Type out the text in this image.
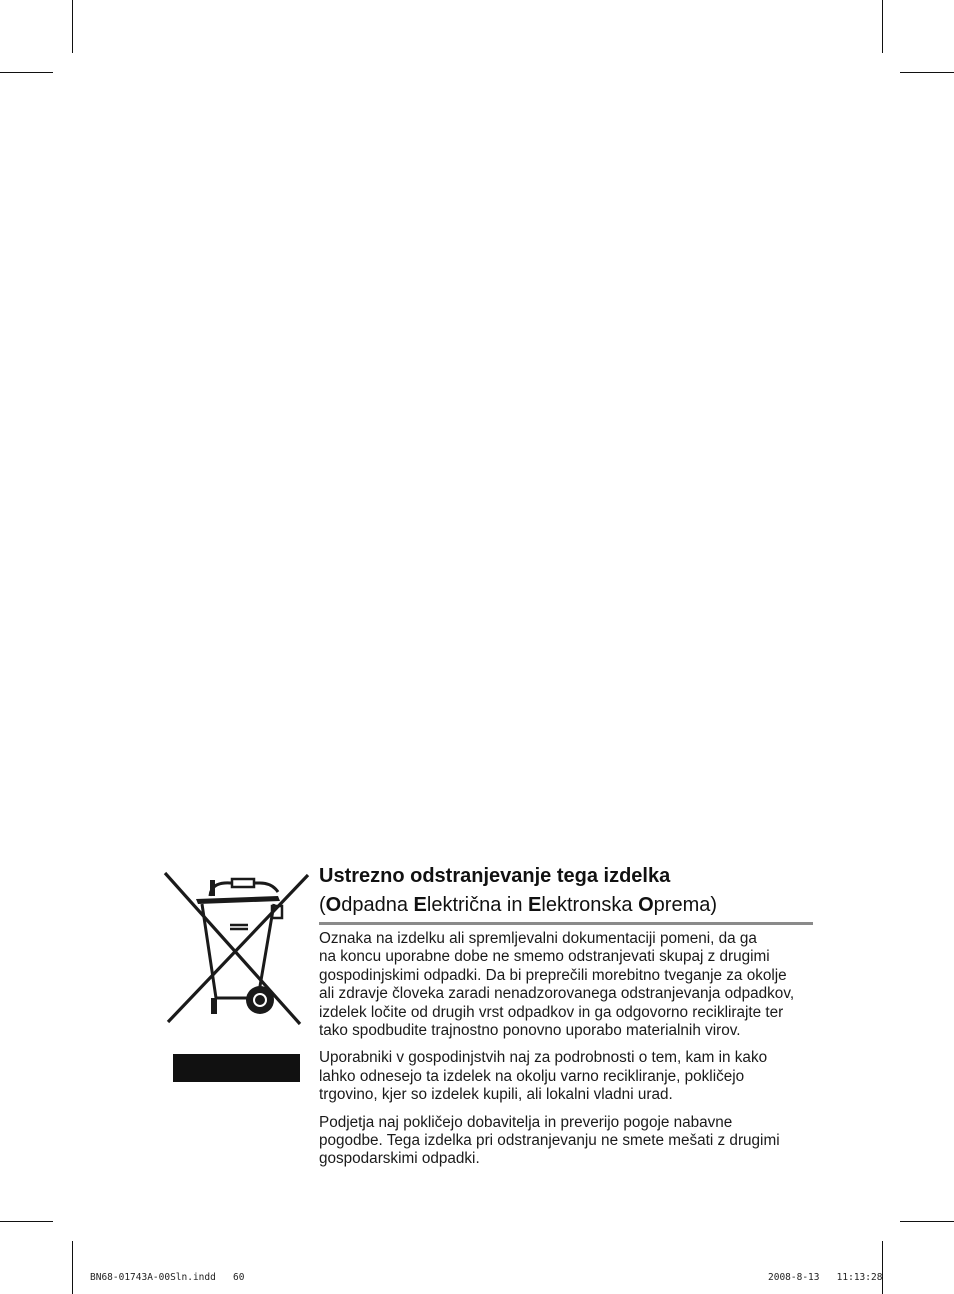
Ustrezno odstranjevanje tega izdelka
(Odpadna Električna in Elektronska Oprema)

Oznaka na izdelku ali spremljevalni dokumentaciji pomeni, da ga
na koncu uporabne dobe ne smemo odstranjevati skupaj z drugimi
gospodinjskimi odpadki. Da bi preprečili morebitno tveganje za okolje
ali zdravje človeka zaradi nenadzorovanega odstranjevanja odpadkov,
izdelek ločite od drugih vrst odpadkov in ga odgovorno reciklirajte ter
tako spodbudite trajnostno ponovno uporabo materialnih virov.

Uporabniki v gospodinjstvih naj za podrobnosti o tem, kam in kako
lahko odnesejo ta izdelek na okolju varno recikliranje, pokličejo
trgovino, kjer so izdelek kupili, ali lokalni vladni urad.

Podjetja naj pokličejo dobavitelja in preverijo pogoje nabavne
pogodbe. Tega izdelka pri odstranjevanju ne smete mešati z drugimi
gospodarskimi odpadki.

BN68-01743A-00Sln.indd 60	2008-8-13 11:13:28
